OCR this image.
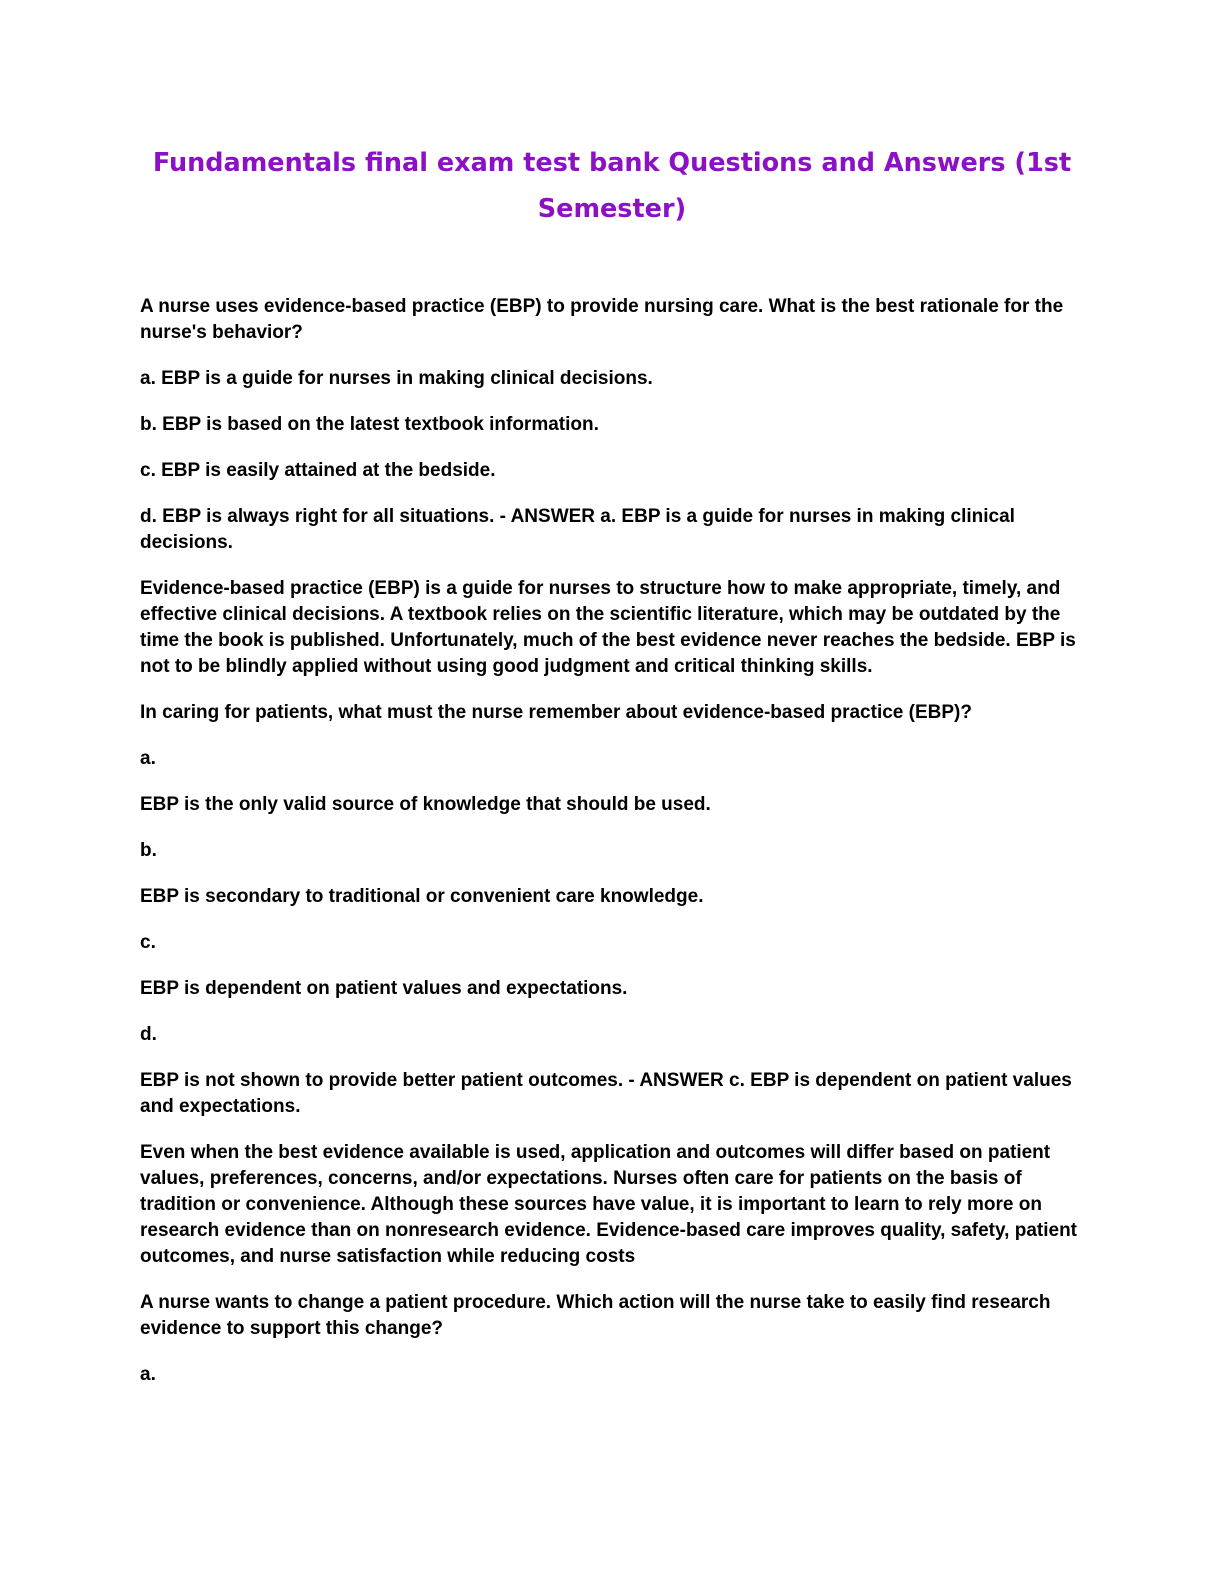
Fundamentals final exam test bank Questions and Answers (1st Semester)

A nurse uses evidence-based practice (EBP) to provide nursing care. What is the best rationale for the nurse's behavior?

a. EBP is a guide for nurses in making clinical decisions.

b. EBP is based on the latest textbook information.

c. EBP is easily attained at the bedside.

d. EBP is always right for all situations. - ANSWER a. EBP is a guide for nurses in making clinical decisions.

Evidence-based practice (EBP) is a guide for nurses to structure how to make appropriate, timely, and effective clinical decisions. A textbook relies on the scientific literature, which may be outdated by the time the book is published. Unfortunately, much of the best evidence never reaches the bedside. EBP is not to be blindly applied without using good judgment and critical thinking skills.

In caring for patients, what must the nurse remember about evidence-based practice (EBP)?

a.

EBP is the only valid source of knowledge that should be used.

b.

EBP is secondary to traditional or convenient care knowledge.

c.

EBP is dependent on patient values and expectations.

d.

EBP is not shown to provide better patient outcomes. - ANSWER c. EBP is dependent on patient values and expectations.

Even when the best evidence available is used, application and outcomes will differ based on patient values, preferences, concerns, and/or expectations. Nurses often care for patients on the basis of tradition or convenience. Although these sources have value, it is important to learn to rely more on research evidence than on nonresearch evidence. Evidence-based care improves quality, safety, patient outcomes, and nurse satisfaction while reducing costs

A nurse wants to change a patient procedure. Which action will the nurse take to easily find research evidence to support this change?

a.
